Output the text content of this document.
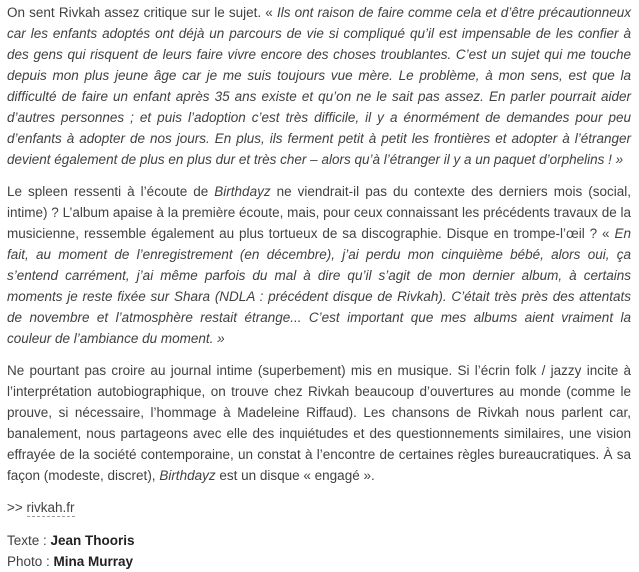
On sent Rivkah assez critique sur le sujet. « Ils ont raison de faire comme cela et d’être précautionneux car les enfants adoptés ont déjà un parcours de vie si compliqué qu’il est impensable de les confier à des gens qui risquent de leurs faire vivre encore des choses troublantes. C’est un sujet qui me touche depuis mon plus jeune âge car je me suis toujours vue mère. Le problème, à mon sens, est que la difficulté de faire un enfant après 35 ans existe et qu’on ne le sait pas assez. En parler pourrait aider d’autres personnes ; et puis l’adoption c’est très difficile, il y a énormément de demandes pour peu d’enfants à adopter de nos jours. En plus, ils ferment petit à petit les frontières et adopter à l’étranger devient également de plus en plus dur et très cher – alors qu’à l’étranger il y a un paquet d’orphelins ! »

Le spleen ressenti à l’écoute de Birthdayz ne viendrait-il pas du contexte des derniers mois (social, intime) ? L’album apaise à la première écoute, mais, pour ceux connaissant les précédents travaux de la musicienne, ressemble également au plus tortueux de sa discographie. Disque en trompe-l’œil ? « En fait, au moment de l’enregistrement (en décembre), j’ai perdu mon cinquième bébé, alors oui, ça s’entend carrément, j’ai même parfois du mal à dire qu’il s’agit de mon dernier album, à certains moments je reste fixée sur Shara (NDLA : précédent disque de Rivkah). C’était très près des attentats de novembre et l’atmosphère restait étrange... C’est important que mes albums aient vraiment la couleur de l’ambiance du moment. »

Ne pourtant pas croire au journal intime (superbement) mis en musique. Si l’écrin folk / jazzy incite à l’interprétation autobiographique, on trouve chez Rivkah beaucoup d’ouvertures au monde (comme le prouve, si nécessaire, l’hommage à Madeleine Riffaud). Les chansons de Rivkah nous parlent car, banalement, nous partageons avec elle des inquiétudes et des questionnements similaires, une vision effrayée de la société contemporaine, un constat à l’encontre de certaines règles bureaucratiques. À sa façon (modeste, discret), Birthdayz est un disque « engagé ».

>> rivkah.fr

Texte : Jean Thooris
Photo : Mina Murray
